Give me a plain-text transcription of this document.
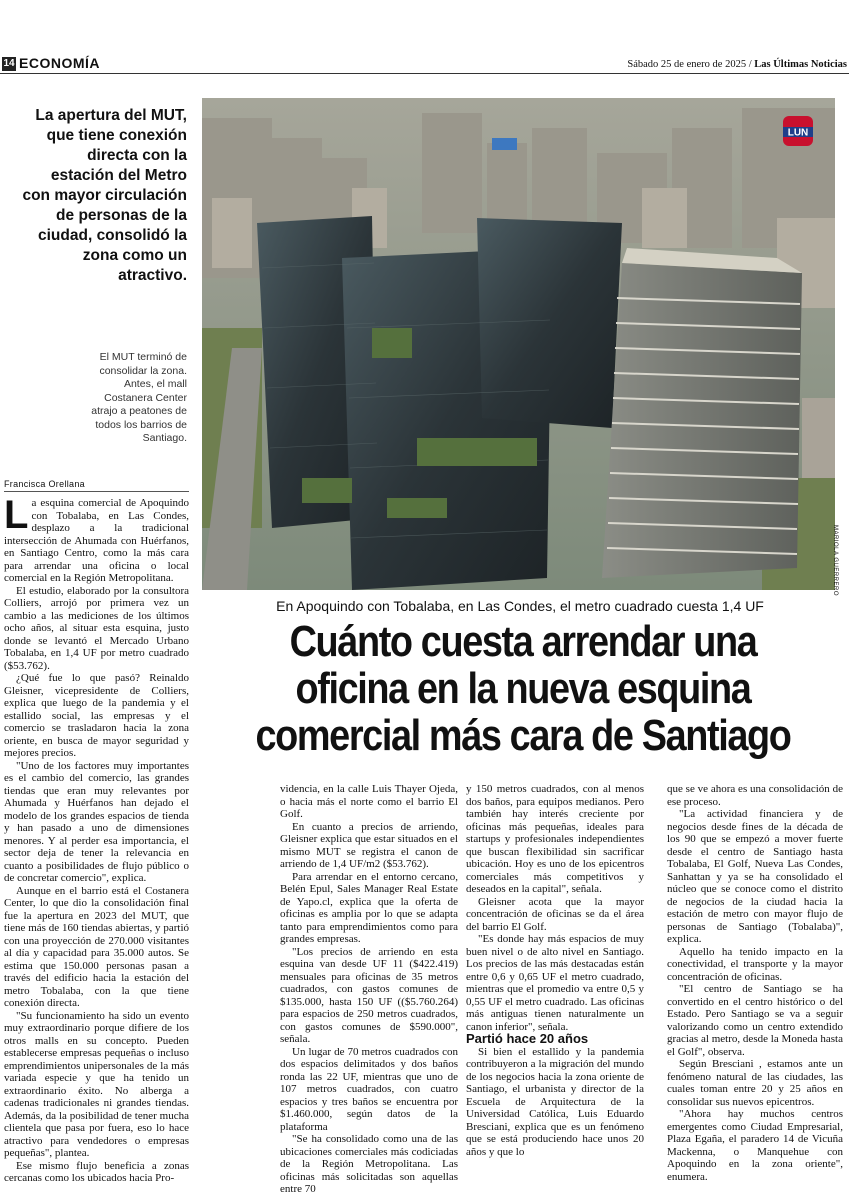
14 ECONOMÍA	Sábado 25 de enero de 2025 / Las Últimas Noticias
La apertura del MUT, que tiene conexión directa con la estación del Metro con mayor circulación de personas de la ciudad, consolidó la zona como un atractivo.
LUN
MARIOLA GUERRERO
El MUT terminó de consolidar la zona. Antes, el mall Costanera Center atrajo a peatones de todos los barrios de Santiago.
Francisca Orellana
En Apoquindo con Tobalaba, en Las Condes, el metro cuadrado cuesta 1,4 UF
Cuánto cuesta arrendar una oficina en la nueva esquina comercial más cara de Santiago

La esquina comercial de Apoquindo con Tobalaba, en Las Condes, desplazo a la tradicional intersección de Ahumada con Huérfanos, en Santiago Centro, como la más cara para arrendar una oficina o local comercial en la Región Metropolitana.

El estudio, elaborado por la consultora Colliers, arrojó por primera vez un cambio a las mediciones de los últimos ocho años, al situar esta esquina, justo donde se levantó el Mercado Urbano Tobalaba, en 1,4 UF por metro cuadrado ($53.762).

¿Qué fue lo que pasó? Reinaldo Gleisner, vicepresidente de Colliers, explica que luego de la pandemia y el estallido social, las empresas y el comercio se trasladaron hacia la zona oriente, en busca de mayor seguridad y mejores precios.

"Uno de los factores muy importantes es el cambio del comercio, las grandes tiendas que eran muy relevantes por Ahumada y Huérfanos han dejado el modelo de los grandes espacios de tienda y han pasado a uno de dimensiones menores. Y al perder esa importancia, el sector deja de tener la relevancia en cuanto a posibilidades de flujo público o de concretar comercio", explica.

Aunque en el barrio está el Costanera Center, lo que dio la consolidación final fue la apertura en 2023 del MUT, que tiene más de 160 tiendas abiertas, y partió con una proyección de 270.000 visitantes al día y capacidad para 35.000 autos. Se estima que 150.000 personas pasan a través del edificio hacia la estación del metro Tobalaba, con la que tiene conexión directa.

"Su funcionamiento ha sido un evento muy extraordinario porque difiere de los otros malls en su concepto. Pueden establecerse empresas pequeñas o incluso emprendimientos unipersonales de la más variada especie y que ha tenido un extraordinario éxito. No alberga a cadenas tradicionales ni grandes tiendas. Además, da la posibilidad de tener mucha clientela que pasa por fuera, eso lo hace atractivo para vendedores o empresas pequeñas", plantea.

Ese mismo flujo beneficia a zonas cercanas como los ubicados hacia Pro-

videncia, en la calle Luis Thayer Ojeda, o hacia más el norte como el barrio El Golf.

En cuanto a precios de arriendo, Gleisner explica que estar situados en el mismo MUT se registra el canon de arriendo de 1,4 UF/m2 ($53.762).

Para arrendar en el entorno cercano, Belén Epul, Sales Manager Real Estate de Yapo.cl, explica que la oferta de oficinas es amplia por lo que se adapta tanto para emprendimientos como para grandes empresas.

"Los precios de arriendo en esta esquina van desde UF 11 ($422.419) mensuales para oficinas de 35 metros cuadrados, con gastos comunes de $135.000, hasta 150 UF (($5.760.264) para espacios de 250 metros cuadrados, con gastos comunes de $590.000", señala.

Un lugar de 70 metros cuadrados con dos espacios delimitados y dos baños ronda las 22 UF, mientras que uno de 107 metros cuadrados, con cuatro espacios y tres baños se encuentra por $1.460.000, según datos de la plataforma

"Se ha consolidado como una de las ubicaciones comerciales más codiciadas de la Región Metropolitana. Las oficinas más solicitadas son aquellas entre 70

y 150 metros cuadrados, con al menos dos baños, para equipos medianos. Pero también hay interés creciente por oficinas más pequeñas, ideales para startups y profesionales independientes que buscan flexibilidad sin sacrificar ubicación. Hoy es uno de los epicentros comerciales más competitivos y deseados en la capital", señala.

Gleisner acota que la mayor concentración de oficinas se da el área del barrio El Golf.

"Es donde hay más espacios de muy buen nivel o de alto nivel en Santiago. Los precios de las más destacadas están entre 0,6 y 0,65 UF el metro cuadrado, mientras que el promedio va entre 0,5 y 0,55 UF el metro cuadrado. Las oficinas más antiguas tienen naturalmente un canon inferior", señala.

Partió hace 20 años

Si bien el estallido y la pandemia contribuyeron a la migración del mundo de los negocios hacia la zona oriente de Santiago, el urbanista y director de la Escuela de Arquitectura de la Universidad Católica, Luis Eduardo Bresciani, explica que es un fenómeno que se está produciendo hace unos 20 años y que lo

que se ve ahora es una consolidación de ese proceso.

"La actividad financiera y de negocios desde fines de la década de los 90 que se empezó a mover fuerte desde el centro de Santiago hasta Tobalaba, El Golf, Nueva Las Condes, Sanhattan y ya se ha consolidado el núcleo que se conoce como el distrito de negocios de la ciudad hacia la estación de metro con mayor flujo de personas de Santiago (Tobalaba)", explica.

Aquello ha tenido impacto en la conectividad, el transporte y la mayor concentración de oficinas.

"El centro de Santiago se ha convertido en el centro histórico o del Estado. Pero Santiago se va a seguir valorizando como un centro extendido gracias al metro, desde la Moneda hasta el Golf", observa.

Según Bresciani , estamos ante un fenómeno natural de las ciudades, las cuales toman entre 20 y 25 años en consolidar sus nuevos epicentros.

"Ahora hay muchos centros emergentes como Ciudad Empresarial, Plaza Egaña, el paradero 14 de Vicuña Mackenna, o Manquehue con Apoquindo en la zona oriente", enumera.
